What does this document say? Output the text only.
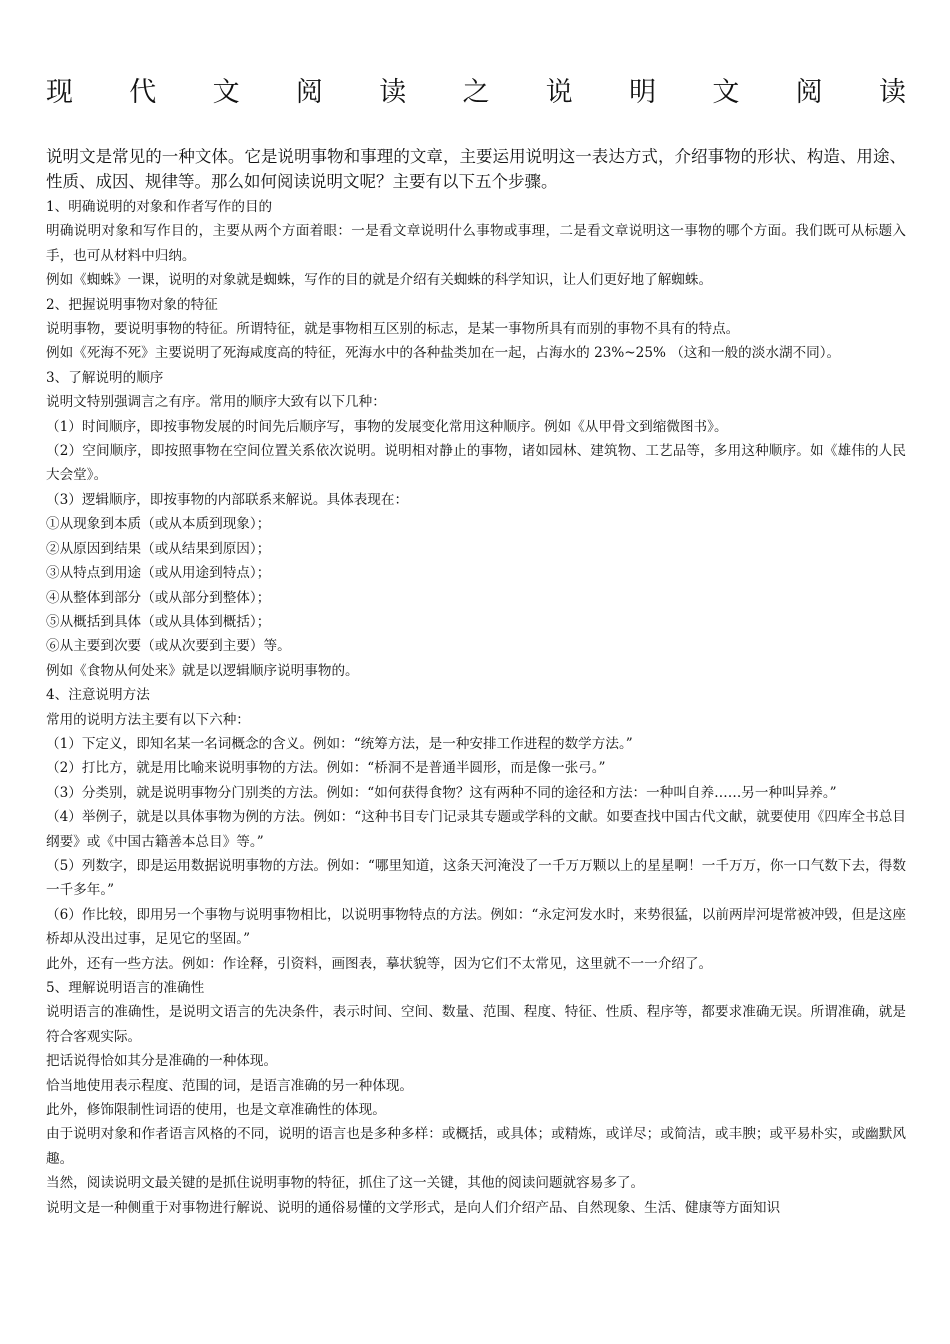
现 代 文 阅 读 之 说 明 文 阅 读
说明文是常见的一种文体。它是说明事物和事理的文章，主要运用说明这一表达方式，介绍事物的形状、构造、用途、性质、成因、规律等。那么如何阅读说明文呢？主要有以下五个步骤。

1、明确说明的对象和作者写作的目的

明确说明对象和写作目的，主要从两个方面着眼：一是看文章说明什么事物或事理，二是看文章说明这一事物的哪个方面。我们既可从标题入手，也可从材料中归纳。

例如《蜘蛛》一课，说明的对象就是蜘蛛，写作的目的就是介绍有关蜘蛛的科学知识，让人们更好地了解蜘蛛。

2、把握说明事物对象的特征

说明事物，要说明事物的特征。所谓特征，就是事物相互区别的标志，是某一事物所具有而别的事物不具有的特点。

例如《死海不死》主要说明了死海咸度高的特征，死海水中的各种盐类加在一起，占海水的 23%~25% （这和一般的淡水湖不同）。

3、了解说明的顺序

说明文特别强调言之有序。常用的顺序大致有以下几种：

（1）时间顺序，即按事物发展的时间先后顺序写，事物的发展变化常用这种顺序。例如《从甲骨文到缩微图书》。

（2）空间顺序，即按照事物在空间位置关系依次说明。说明相对静止的事物，诸如园林、建筑物、工艺品等，多用这种顺序。如《雄伟的人民大会堂》。

（3）逻辑顺序，即按事物的内部联系来解说。具体表现在：

①从现象到本质（或从本质到现象）；

②从原因到结果（或从结果到原因）；

③从特点到用途（或从用途到特点）；

④从整体到部分（或从部分到整体）；

⑤从概括到具体（或从具体到概括）；

⑥从主要到次要（或从次要到主要）等。

例如《食物从何处来》就是以逻辑顺序说明事物的。

4、注意说明方法

常用的说明方法主要有以下六种：

（1）下定义，即知名某一名词概念的含义。例如：“统筹方法，是一种安排工作进程的数学方法。”

（2）打比方，就是用比喻来说明事物的方法。例如：“桥洞不是普通半圆形，而是像一张弓。”

（3）分类别，就是说明事物分门别类的方法。例如：“如何获得食物？这有两种不同的途径和方法：一种叫自养……另一种叫异养。”

（4）举例子，就是以具体事物为例的方法。例如：“这种书目专门记录其专题或学科的文献。如要查找中国古代文献，就要使用《四库全书总目纲要》或《中国古籍善本总目》等。”

（5）列数字，即是运用数据说明事物的方法。例如：“哪里知道，这条天河淹没了一千万万颗以上的星星啊！一千万万，你一口气数下去，得数一千多年。”

（6）作比较，即用另一个事物与说明事物相比，以说明事物特点的方法。例如：“永定河发水时，来势很猛，以前两岸河堤常被冲毁，但是这座桥却从没出过事，足见它的坚固。”

此外，还有一些方法。例如：作诠释，引资料，画图表，摹状貌等，因为它们不太常见，这里就不一一介绍了。

5、理解说明语言的准确性

说明语言的准确性，是说明文语言的先决条件，表示时间、空间、数量、范围、程度、特征、性质、程序等，都要求准确无误。所谓准确，就是符合客观实际。

把话说得恰如其分是准确的一种体现。

恰当地使用表示程度、范围的词，是语言准确的另一种体现。

此外，修饰限制性词语的使用，也是文章准确性的体现。

由于说明对象和作者语言风格的不同，说明的语言也是多种多样：或概括，或具体；或精炼，或详尽；或简洁，或丰腴；或平易朴实，或幽默风趣。

当然，阅读说明文最关键的是抓住说明事物的特征，抓住了这一关键，其他的阅读问题就容易多了。

说明文是一种侧重于对事物进行解说、说明的通俗易懂的文学形式，是向人们介绍产品、自然现象、生活、健康等方面知识
